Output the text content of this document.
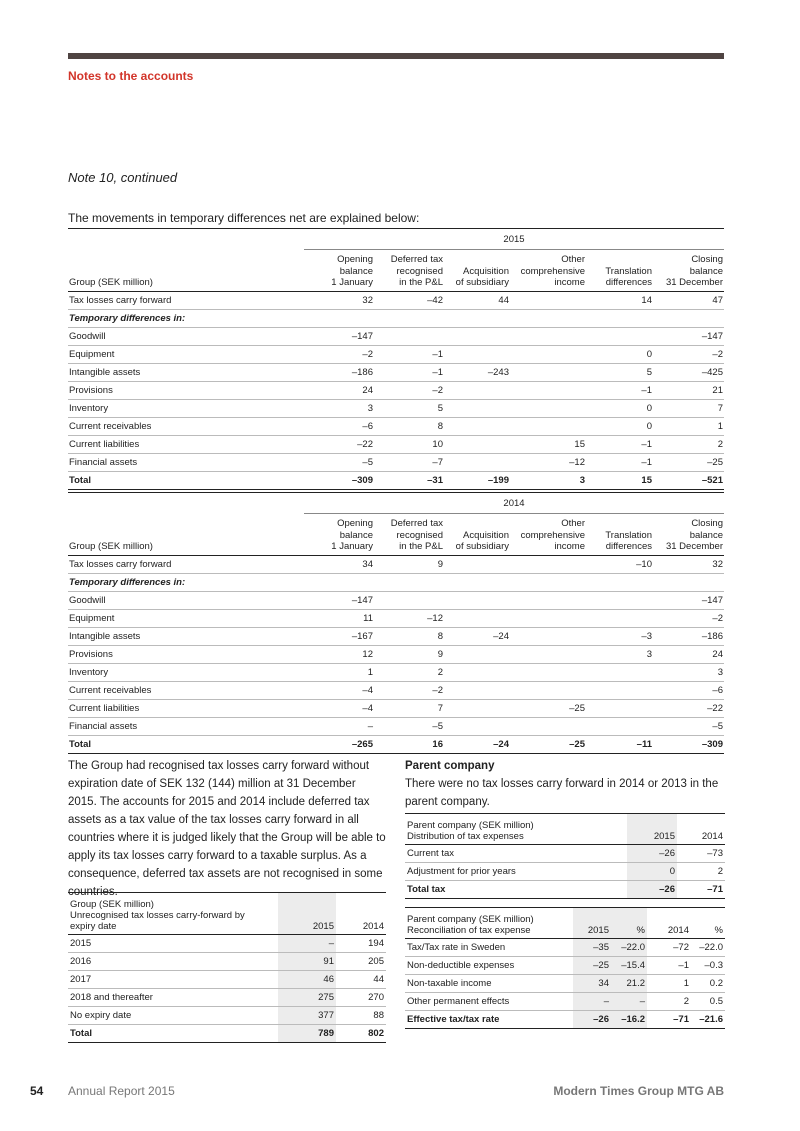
Notes to the accounts
Note 10, continued
The movements in temporary differences net are explained below:
	2015					
Group (SEK million)	Opening
balance
1 January	Deferred tax
recognised
in the P&L	Acquisition
of subsidiary	Other
comprehensive
income	Translation
differences	Closing
balance
31 December
Tax losses carry forward	32	–42	44		14	47
Temporary differences in:						
Goodwill	–147					–147
Equipment	–2	–1			0	–2
Intangible assets	–186	–1	–243		5	–425
Provisions	24	–2			–1	21
Inventory	3	5			0	7
Current receivables	–6	8			0	1
Current liabilities	–22	10		15	–1	2
Financial assets	–5	–7		–12	–1	–25
Total	–309	–31	–199	3	15	–521
	2014					
Group (SEK million)	Opening
balance
1 January	Deferred tax
recognised
in the P&L	Acquisition
of subsidiary	Other
comprehensive
income	Translation
differences	Closing
balance
31 December
Tax losses carry forward	34	9			–10	32
Temporary differences in:						
Goodwill	–147					–147
Equipment	11	–12				–2
Intangible assets	–167	8	–24		–3	–186
Provisions	12	9			3	24
Inventory	1	2				3
Current receivables	–4	–2				–6
Current liabilities	–4	7		–25		–22
Financial assets	–	–5				–5
Total	–265	16	–24	–25	–11	–309
The Group had recognised tax losses carry forward without expiration date of SEK 132 (144) million at 31 December 2015. The accounts for 2015 and 2014 include deferred tax assets as a tax value of the tax losses carry forward in all countries where it is judged likely that the Group will be able to apply its tax losses carry forward to a taxable surplus. As a consequence, deferred tax assets are not recognised in some countries.
Group (SEK million)
Unrecognised tax losses carry-forward by
expiry date	2015	2014
2015	–	194
2016	91	205
2017	46	44
2018 and thereafter	275	270
No expiry date	377	88
Total	789	802
Parent company
There were no tax losses carry forward in 2014 or 2013 in the parent company.
Parent company (SEK million)
Distribution of tax expenses	2015	2014
Current tax	–26	–73
Adjustment for prior years	0	2
Total tax	–26	–71
Parent company (SEK million)
Reconciliation of tax expense	2015	%	2014	%
Tax/Tax rate in Sweden	–35	–22.0	–72	–22.0
Non-deductible expenses	–25	–15.4	–1	–0.3
Non-taxable income	34	21.2	1	0.2
Other permanent effects	–	–	2	0.5
Effective tax/tax rate	–26	–16.2	–71	–21.6
54 Annual Report 2015	Modern Times Group MTG AB
